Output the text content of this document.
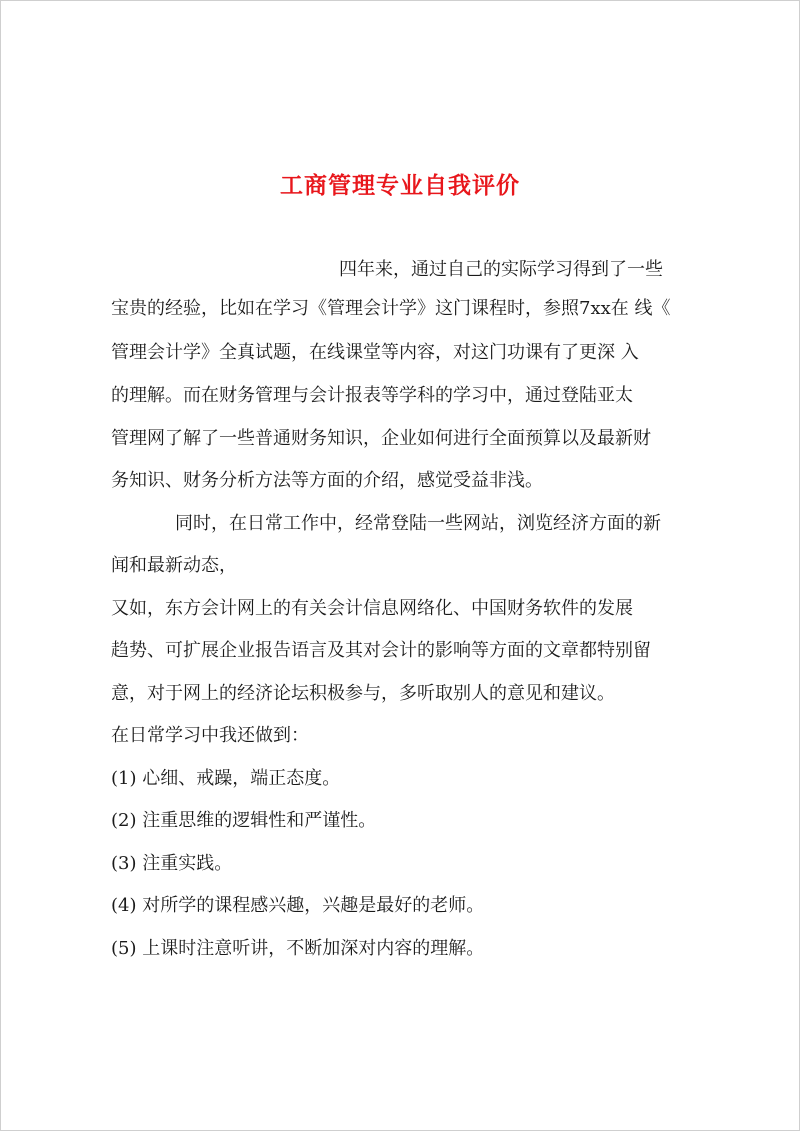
工商管理专业自我评价
四年来，通过自己的实际学习得到了一些
宝贵的经验，比如在学习《管理会计学》这门课程时，参照7xx在 线《
管理会计学》全真试题，在线课堂等内容，对这门功课有了更深 入
的理解。而在财务管理与会计报表等学科的学习中，通过登陆亚太
管理网了解了一些普通财务知识，企业如何进行全面预算以及最新财
务知识、财务分析方法等方面的介绍，感觉受益非浅。
同时，在日常工作中，经常登陆一些网站，浏览经济方面的新
闻和最新动态，
又如，东方会计网上的有关会计信息网络化、中国财务软件的发展
趋势、可扩展企业报告语言及其对会计的影响等方面的文章都特别留
意，对于网上的经济论坛积极参与，多听取别人的意见和建议。
在日常学习中我还做到：
(1) 心细、戒躁，端正态度。
(2) 注重思维的逻辑性和严谨性。
(3) 注重实践。
(4) 对所学的课程感兴趣，兴趣是最好的老师。
(5) 上课时注意听讲，不断加深对内容的理解。
